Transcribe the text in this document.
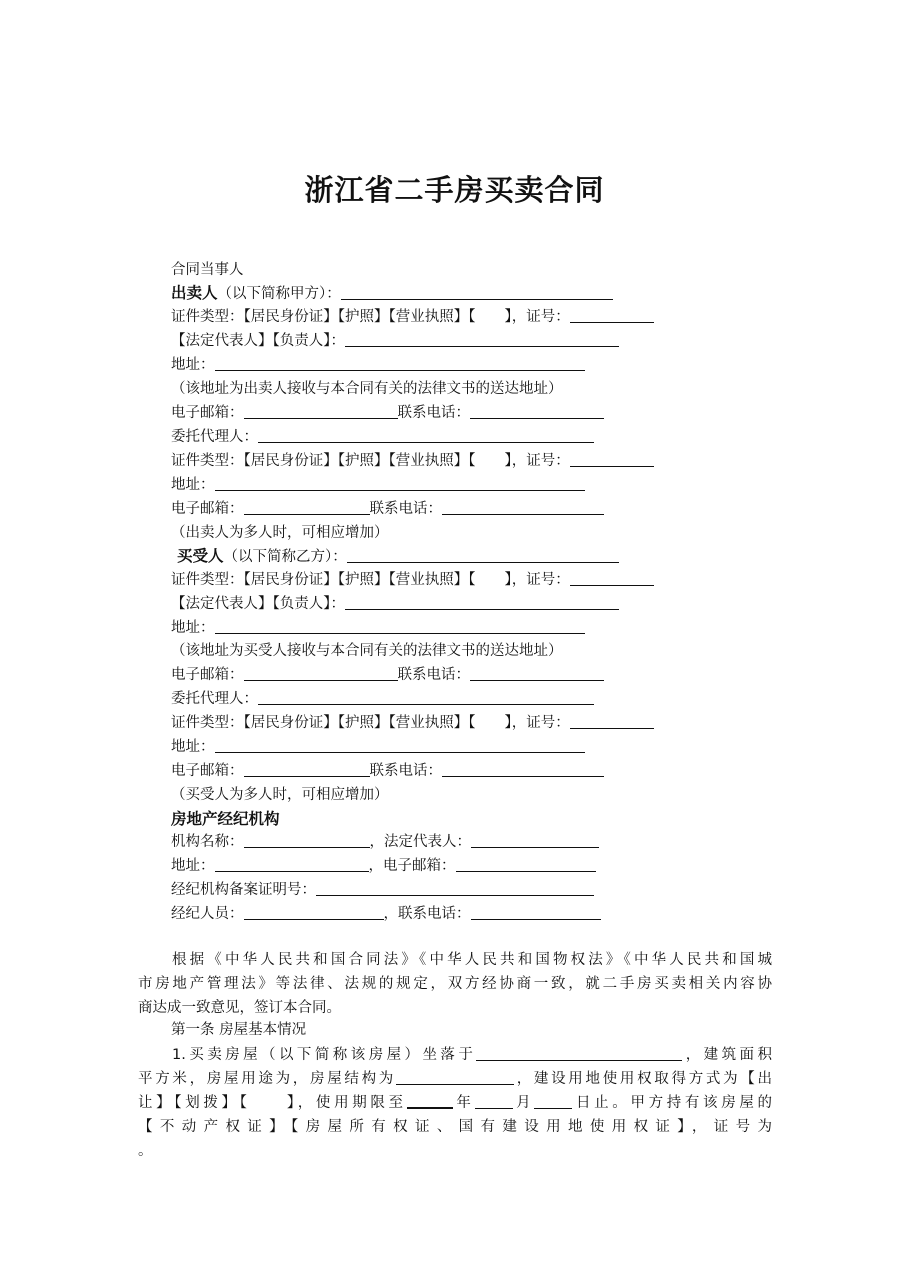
浙江省二手房买卖合同
合同当事人
出卖人（以下简称甲方）：
证件类型：【居民身份证】【护照】【营业执照】【　　】，证号：
【法定代表人】【负责人】：
地址：
（该地址为出卖人接收与本合同有关的法律文书的送达地址）
电子邮箱：	联系电话：
委托代理人：
证件类型：【居民身份证】【护照】【营业执照】【　　】，证号：
地址：
电子邮箱：	联系电话：
（出卖人为多人时，可相应增加）
买受人（以下简称乙方）：
证件类型：【居民身份证】【护照】【营业执照】【　　】，证号：
【法定代表人】【负责人】：
地址：
（该地址为买受人接收与本合同有关的法律文书的送达地址）
电子邮箱：	联系电话：
委托代理人：
证件类型：【居民身份证】【护照】【营业执照】【　　】，证号：
地址：
电子邮箱：	联系电话：
（买受人为多人时，可相应增加）
房地产经纪机构
机构名称：	，法定代表人：
地址：	，电子邮箱：
经纪机构备案证明号：
经纪人员：	，联系电话：
根据《中华人民共和国合同法》《中华人民共和国物权法》《中华人民共和国城
市房地产管理法》等法律、法规的规定，双方经协商一致，就二手房买卖相关内容协
商达成一致意见，签订本合同。
第一条 房屋基本情况
1.买卖房屋（以下简称该房屋）坐落于	，建筑面积
平方米，房屋用途为，房屋结构为	，建设用地使用权取得方式为【出
让】【划拨】【　　】，使用期限至	年	月	日止。甲方持有该房屋的
【不动产权证】【房屋所有权证、国有建设用地使用权证】，证号为
。
